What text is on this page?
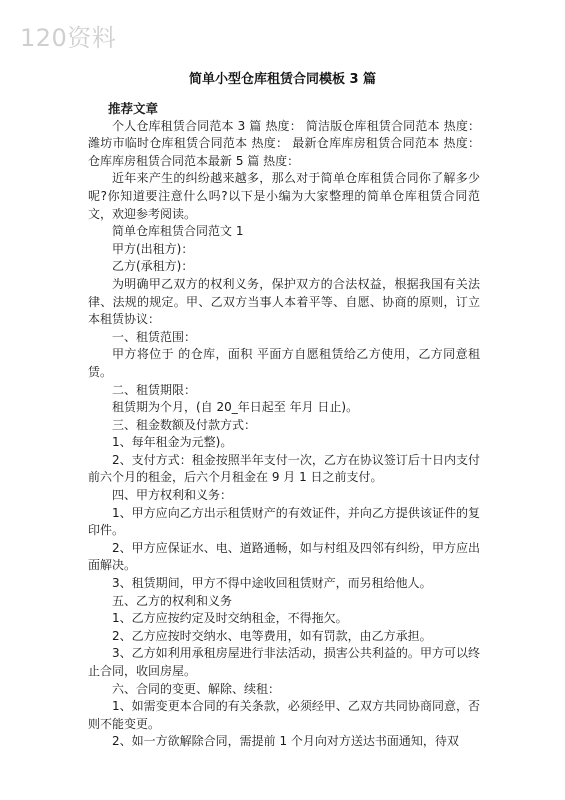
120资料
简单小型仓库租赁合同模板 3 篇

推荐文章

个人仓库租赁合同范本 3 篇 热度： 简洁版仓库租赁合同范本 热度： 潍坊市临时仓库租赁合同范本 热度： 最新仓库库房租赁合同范本 热度： 仓库库房租赁合同范本最新 5 篇 热度：

近年来产生的纠纷越来越多，那么对于简单仓库租赁合同你了解多少呢?你知道要注意什么吗?以下是小编为大家整理的简单仓库租赁合同范文，欢迎参考阅读。

简单仓库租赁合同范文 1

甲方(出租方)：

乙方(承租方)：

为明确甲乙双方的权利义务，保护双方的合法权益，根据我国有关法律、法规的规定。甲、乙双方当事人本着平等、自愿、协商的原则，订立本租赁协议：

一、租赁范围：

甲方将位于 的仓库，面积 平面方自愿租赁给乙方使用，乙方同意租赁。

二、租赁期限：

租赁期为个月，(自 20_年日起至 年月 日止)。

三、租金数额及付款方式：

1、每年租金为元整)。

2、支付方式：租金按照半年支付一次，乙方在协议签订后十日内支付前六个月的租金，后六个月租金在 9 月 1 日之前支付。

四、甲方权利和义务：

1、甲方应向乙方出示租赁财产的有效证件，并向乙方提供该证件的复印件。

2、甲方应保证水、电、道路通畅，如与村组及四邻有纠纷，甲方应出面解决。

3、租赁期间，甲方不得中途收回租赁财产，而另租给他人。

五、乙方的权利和义务

1、乙方应按约定及时交纳租金，不得拖欠。

2、乙方应按时交纳水、电等费用，如有罚款，由乙方承担。

3、乙方如利用承租房屋进行非法活动，损害公共利益的。甲方可以终止合同，收回房屋。

六、合同的变更、解除、续租：

1、如需变更本合同的有关条款，必须经甲、乙双方共同协商同意，否则不能变更。

2、如一方欲解除合同，需提前 1 个月向对方送达书面通知，待双
